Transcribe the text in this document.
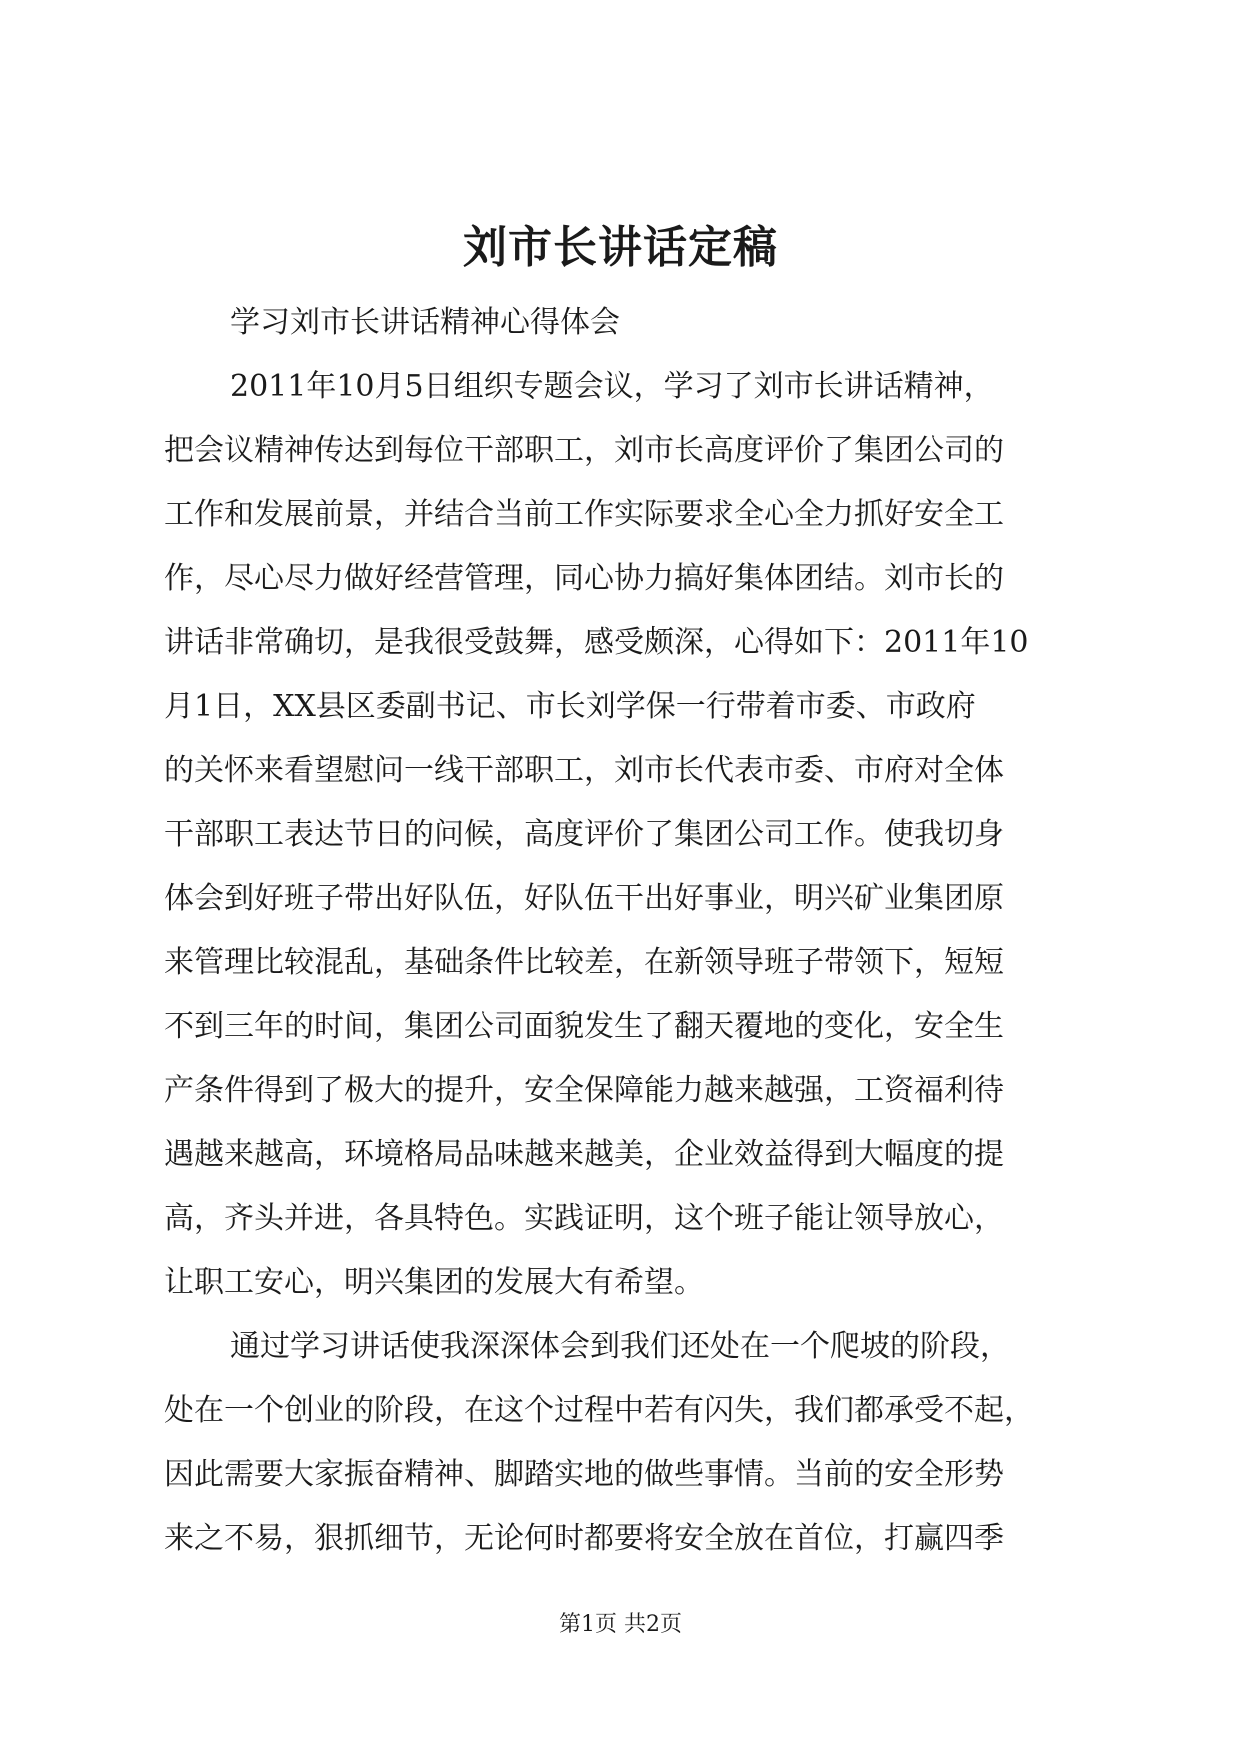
刘市长讲话定稿
学习刘市长讲话精神心得体会
2011年10月5日组织专题会议，学习了刘市长讲话精神，
把会议精神传达到每位干部职工，刘市长高度评价了集团公司的
工作和发展前景，并结合当前工作实际要求全心全力抓好安全工
作，尽心尽力做好经营管理，同心协力搞好集体团结。刘市长的
讲话非常确切，是我很受鼓舞，感受颇深，心得如下：2011年10
月1日，XX县区委副书记、市长刘学保一行带着市委、市政府
的关怀来看望慰问一线干部职工，刘市长代表市委、市府对全体
干部职工表达节日的问候，高度评价了集团公司工作。使我切身
体会到好班子带出好队伍，好队伍干出好事业，明兴矿业集团原
来管理比较混乱，基础条件比较差，在新领导班子带领下，短短
不到三年的时间，集团公司面貌发生了翻天覆地的变化，安全生
产条件得到了极大的提升，安全保障能力越来越强，工资福利待
遇越来越高，环境格局品味越来越美，企业效益得到大幅度的提
高，齐头并进，各具特色。实践证明，这个班子能让领导放心，
让职工安心，明兴集团的发展大有希望。
通过学习讲话使我深深体会到我们还处在一个爬坡的阶段，
处在一个创业的阶段，在这个过程中若有闪失，我们都承受不起，
因此需要大家振奋精神、脚踏实地的做些事情。当前的安全形势
来之不易，狠抓细节，无论何时都要将安全放在首位，打赢四季
第1页 共2页
